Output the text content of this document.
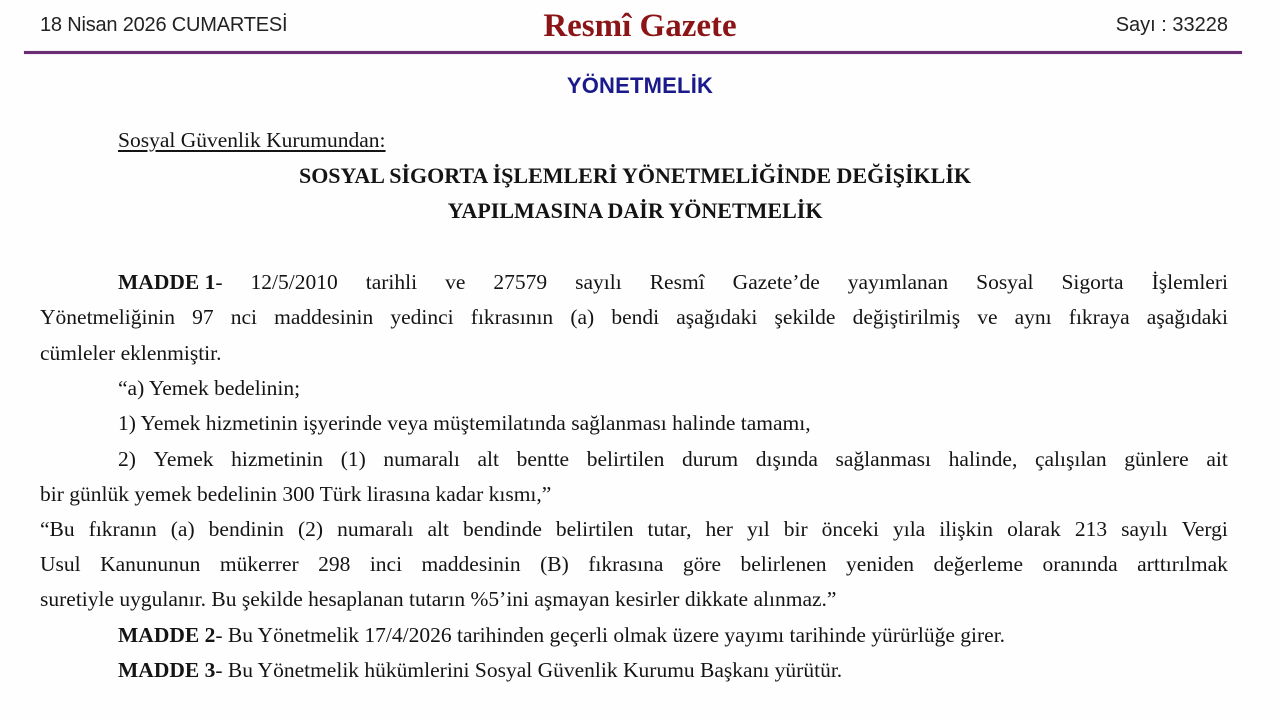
18 Nisan 2026 CUMARTESİ	Resmî Gazete	Sayı : 33228
YÖNETMELİK
Sosyal Güvenlik Kurumundan:
SOSYAL SİGORTA İŞLEMLERİ YÖNETMELİĞİNDE DEĞİŞİKLİK
YAPILMASINA DAİR YÖNETMELİK
MADDE 1- 12/5/2010 tarihli ve 27579 sayılı Resmî Gazete’de yayımlanan Sosyal Sigorta İşlemleri
Yönetmeliğinin 97 nci maddesinin yedinci fıkrasının (a) bendi aşağıdaki şekilde değiştirilmiş ve aynı fıkraya aşağıdaki
cümleler eklenmiştir.
“a) Yemek bedelinin;
1) Yemek hizmetinin işyerinde veya müştemilatında sağlanması halinde tamamı,
2) Yemek hizmetinin (1) numaralı alt bentte belirtilen durum dışında sağlanması halinde, çalışılan günlere ait
bir günlük yemek bedelinin 300 Türk lirasına kadar kısmı,”
“Bu fıkranın (a) bendinin (2) numaralı alt bendinde belirtilen tutar, her yıl bir önceki yıla ilişkin olarak 213 sayılı Vergi
Usul Kanununun mükerrer 298 inci maddesinin (B) fıkrasına göre belirlenen yeniden değerleme oranında arttırılmak
suretiyle uygulanır. Bu şekilde hesaplanan tutarın %5’ini aşmayan kesirler dikkate alınmaz.”
MADDE 2- Bu Yönetmelik 17/4/2026 tarihinden geçerli olmak üzere yayımı tarihinde yürürlüğe girer.
MADDE 3- Bu Yönetmelik hükümlerini Sosyal Güvenlik Kurumu Başkanı yürütür.
